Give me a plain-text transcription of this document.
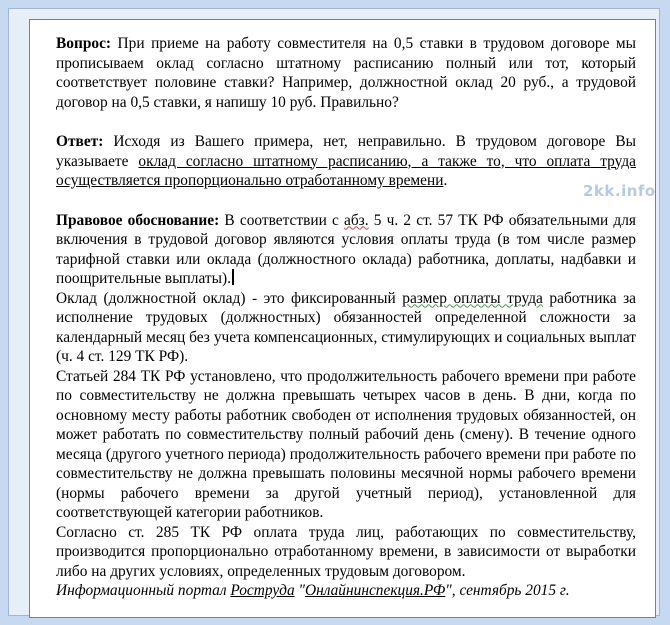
Вопрос: При приеме на работу совместителя на 0,5 ставки в трудовом договоре мы прописываем оклад согласно штатному расписанию полный или тот, который соответствует половине ставки? Например, должностной оклад 20 руб., а трудовой договор на 0,5 ставки, я напишу 10 руб. Правильно?

Ответ: Исходя из Вашего примера, нет, неправильно. В трудовом договоре Вы указываете оклад согласно штатному расписанию, а также то, что оплата труда осуществляется пропорционально отработанному времени.

Правовое обоснование: В соответствии с абз. 5 ч. 2 ст. 57 ТК РФ обязательными для включения в трудовой договор являются условия оплаты труда (в том числе размер тарифной ставки или оклада (должностного оклада) работника, доплаты, надбавки и поощрительные выплаты).

Оклад (должностной оклад) - это фиксированный размер оплаты труда работника за исполнение трудовых (должностных) обязанностей определенной сложности за календарный месяц без учета компенсационных, стимулирующих и социальных выплат (ч. 4 ст. 129 ТК РФ).

Статьей 284 ТК РФ установлено, что продолжительность рабочего времени при работе по совместительству не должна превышать четырех часов в день. В дни, когда по основному месту работы работник свободен от исполнения трудовых обязанностей, он может работать по совместительству полный рабочий день (смену). В течение одного месяца (другого учетного периода) продолжительность рабочего времени при работе по совместительству не должна превышать половины месячной нормы рабочего времени (нормы рабочего времени за другой учетный период), установленной для соответствующей категории работников.

Согласно ст. 285 ТК РФ оплата труда лиц, работающих по совместительству, производится пропорционально отработанному времени, в зависимости от выработки либо на других условиях, определенных трудовым договором.

Информационный портал Роструда "Онлайнинспекция.РФ", сентябрь 2015 г.

2kk.info
